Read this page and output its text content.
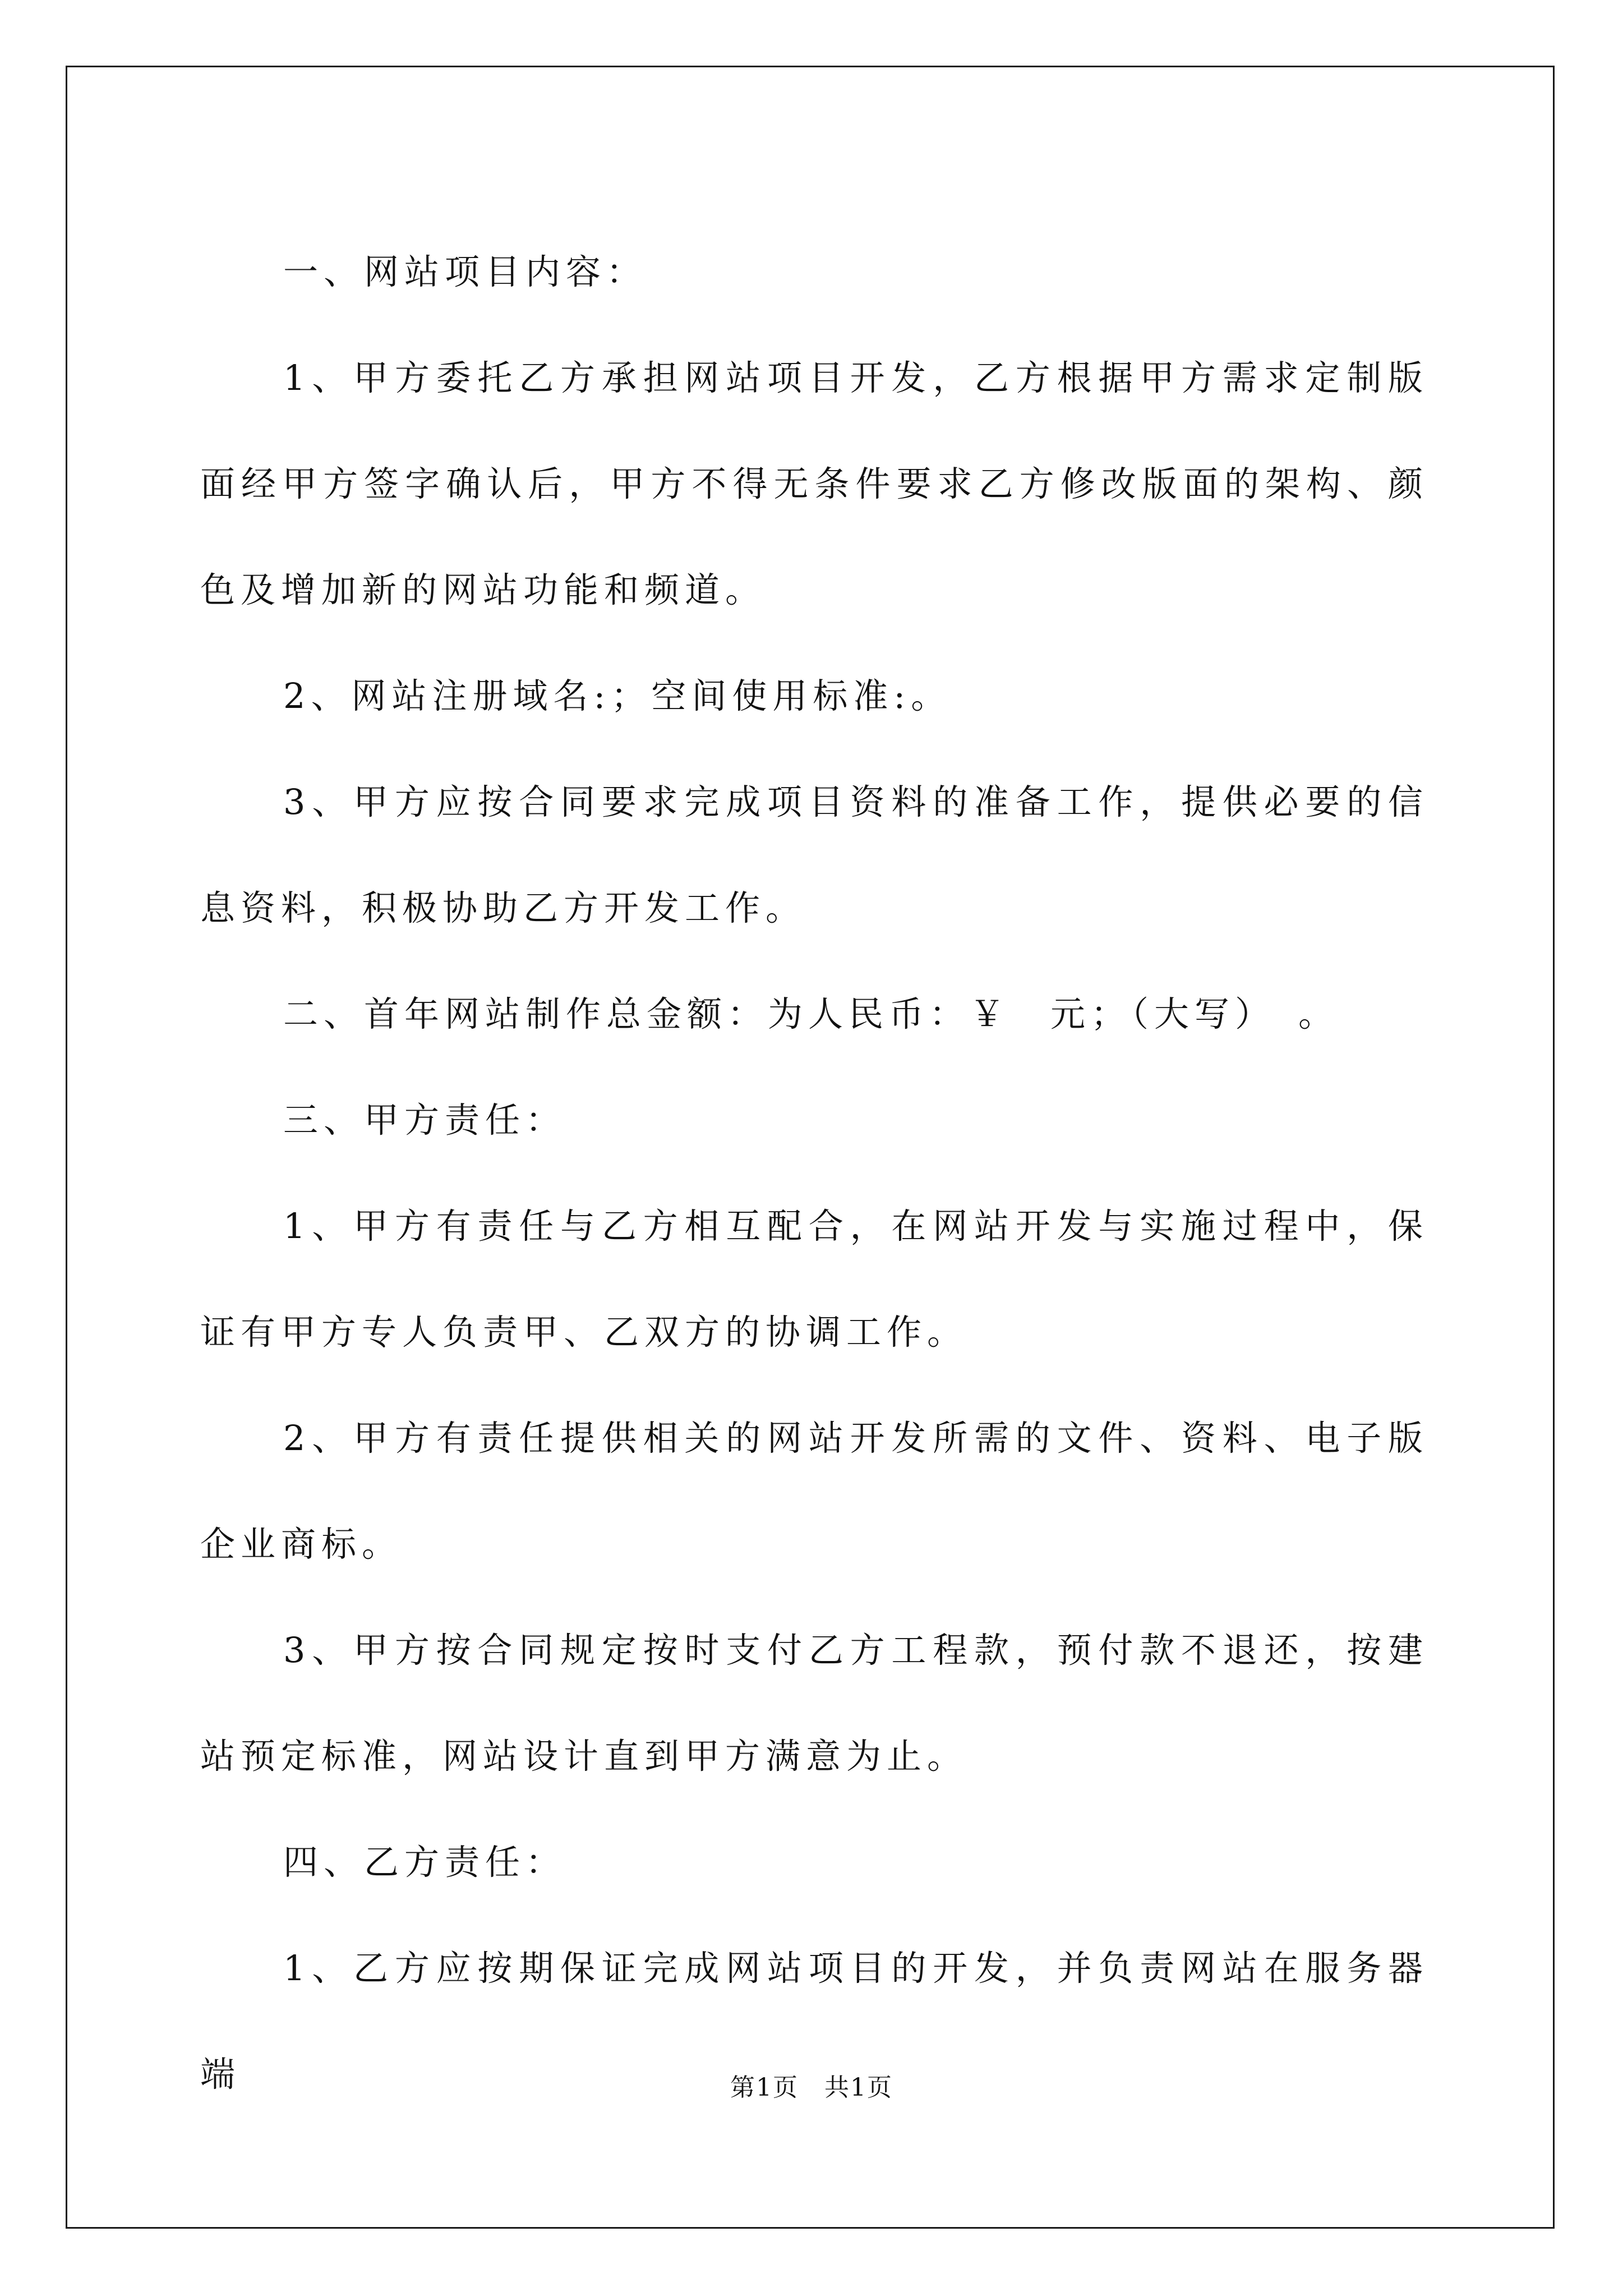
一、网站项目内容：

1、甲方委托乙方承担网站项目开发，乙方根据甲方需求定制版面经甲方签字确认后，甲方不得无条件要求乙方修改版面的架构、颜色及增加新的网站功能和频道。

2、网站注册域名:；空间使用标准:。

3、甲方应按合同要求完成项目资料的准备工作，提供必要的信息资料，积极协助乙方开发工作。

二、首年网站制作总金额：为人民币：￥　元；（大写）　。

三、甲方责任：

1、甲方有责任与乙方相互配合，在网站开发与实施过程中，保证有甲方专人负责甲、乙双方的协调工作。

2、甲方有责任提供相关的网站开发所需的文件、资料、电子版企业商标。

3、甲方按合同规定按时支付乙方工程款，预付款不退还，按建站预定标准，网站设计直到甲方满意为止。

四、乙方责任：

1、乙方应按期保证完成网站项目的开发，并负责网站在服务器端	第1页　共1页
